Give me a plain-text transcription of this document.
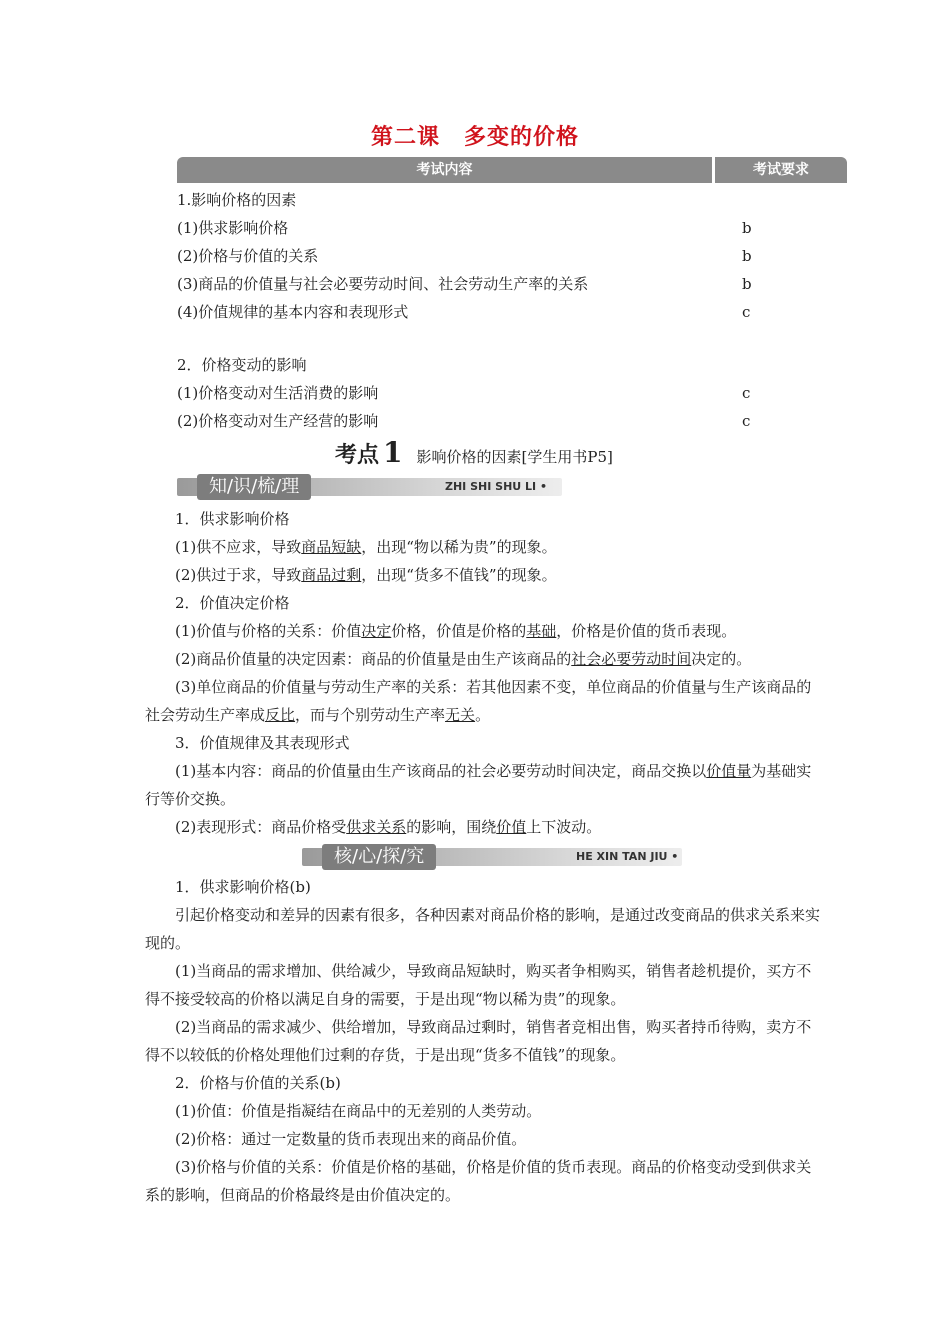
第二课 多变的价格
考试内容	考试要求
1.影响价格的因素
(1)供求影响价格	b
(2)价格与价值的关系	b
(3)商品的价值量与社会必要劳动时间、社会劳动生产率的关系	b
(4)价值规律的基本内容和表现形式	c
2．价格变动的影响
(1)价格变动对生活消费的影响	c
(2)价格变动对生产经营的影响	c
考点 1 影响价格的因素[学生用书P5]
知/识/梳/理	ZHI SHI SHU LI •
1．供求影响价格
(1)供不应求，导致商品短缺，出现“物以稀为贵”的现象。
(2)供过于求，导致商品过剩，出现“货多不值钱”的现象。
2．价值决定价格
(1)价值与价格的关系：价值决定价格，价值是价格的基础，价格是价值的货币表现。
(2)商品价值量的决定因素：商品的价值量是由生产该商品的社会必要劳动时间决定的。
(3)单位商品的价值量与劳动生产率的关系：若其他因素不变，单位商品的价值量与生产该商品的社会劳动生产率成反比，而与个别劳动生产率无关。
3．价值规律及其表现形式
(1)基本内容：商品的价值量由生产该商品的社会必要劳动时间决定，商品交换以价值量为基础实行等价交换。
(2)表现形式：商品价格受供求关系的影响，围绕价值上下波动。
核/心/探/究	HE XIN TAN JIU •
1．供求影响价格(b)
引起价格变动和差异的因素有很多，各种因素对商品价格的影响，是通过改变商品的供求关系来实现的。
(1)当商品的需求增加、供给减少，导致商品短缺时，购买者争相购买，销售者趁机提价，买方不得不接受较高的价格以满足自身的需要，于是出现“物以稀为贵”的现象。
(2)当商品的需求减少、供给增加，导致商品过剩时，销售者竞相出售，购买者持币待购，卖方不得不以较低的价格处理他们过剩的存货，于是出现“货多不值钱”的现象。
2．价格与价值的关系(b)
(1)价值：价值是指凝结在商品中的无差别的人类劳动。
(2)价格：通过一定数量的货币表现出来的商品价值。
(3)价格与价值的关系：价值是价格的基础，价格是价值的货币表现。商品的价格变动受到供求关系的影响，但商品的价格最终是由价值决定的。
